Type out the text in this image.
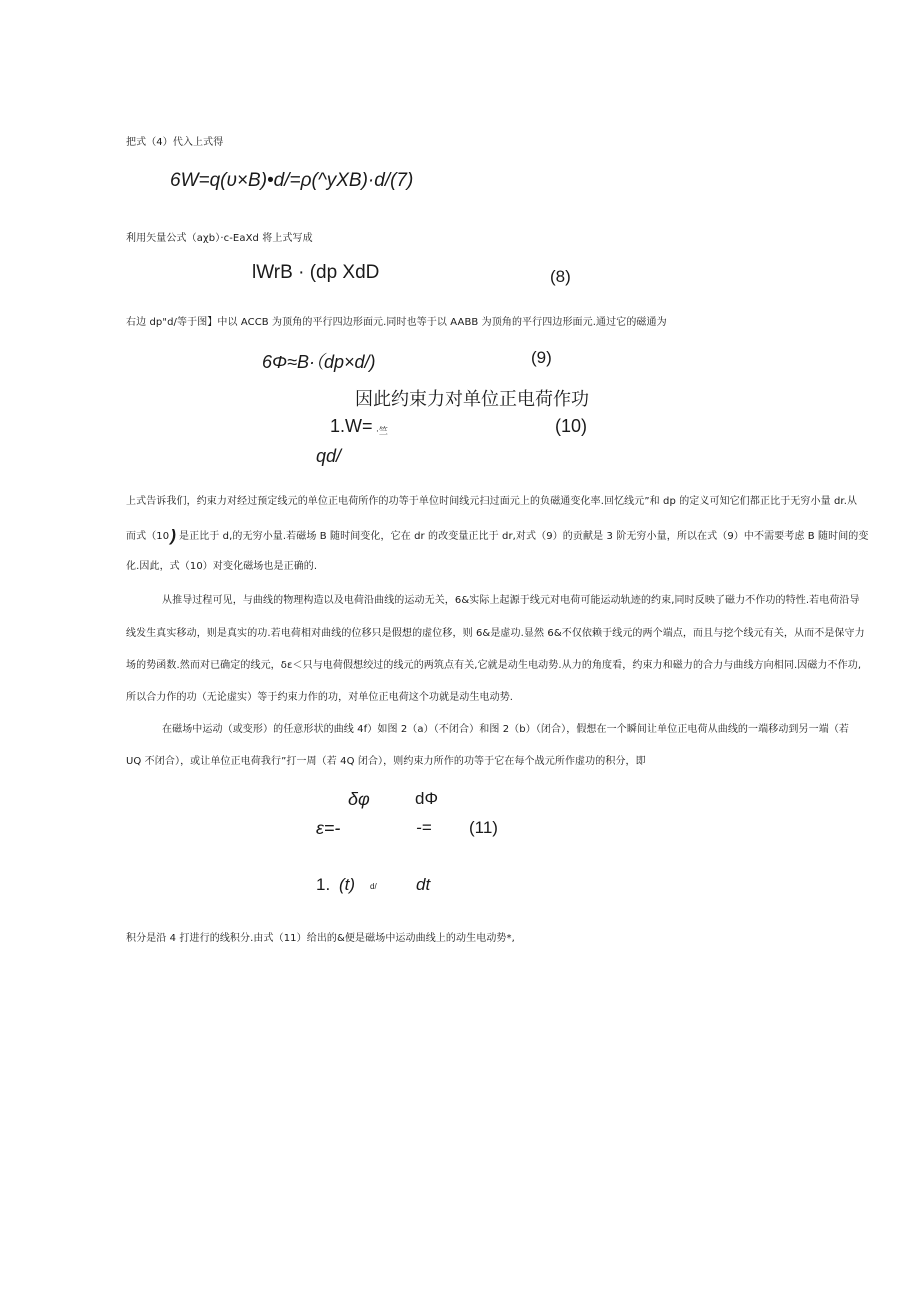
把式（4）代入上式得
6W=q(υ×B)•d/=ρ(^yXB)·d/(7)
利用矢量公式（aχb）·c-EaXd 将上式写成
lWrB · (dp XdD	(8)
右边 dp"d/等于图】中以 ACCB 为顶角的平行四边形面元.同时也等于以 AABB 为顶角的平行四边形面元.通过它的磁通为
6Φ≈B·（dp×d/)	(9)
因此约束力对单位正电荷作功
1.W= ·竺	(10)
qd/
上式告诉我们，约束力对经过预定线元的单位正电荷所作的功等于单位时间线元扫过面元上的负磁通变化率.回忆线元”和 dp 的定义可知它们都正比于无穷小量 dr.从
而式（10) 是正比于 d,的无穷小量.若磁场 B 随时间变化，它在 dr 的改变量正比于 dr,对式（9）的贡献是 3 阶无穷小量，所以在式（9）中不需要考虑 B 随时间的变
化.因此，式（10）对变化磁场也是正确的.
从推导过程可见，与曲线的物理构造以及电荷沿曲线的运动无关，6&实际上起源于线元对电荷可能运动轨迹的约束,同时反映了磁力不作功的特性.若电荷沿导
线发生真实移动，则是真实的功.若电荷相对曲线的位移只是假想的虚位移，则 6&是虚功.显然 6&不仅依赖于线元的两个端点，而且与挖个线元有关，从而不是保守力
场的势函数.然而对已确定的线元，δε＜只与电荷假想绞过的线元的两筑点有关,它就是动生电动势.从力的角度看，约束力和磁力的合力与曲线方向相同.因磁力不作功,
所以合力作的功（无论虚实）等于约束力作的功，对单位正电荷这个功就是动生电动势.
在磁场中运动（或变形）的任意形状的曲线 4f）如图 2（a）（不闭合）和图 2（b）（闭合），假想在一个瞬间让单位正电荷从曲线的一端移动到另一端（若
UQ 不闭合），或让单位正电荷我行”打一周（若 4Q 闭合），则约束力所作的功等于它在每个战元所作虚功的积分，即
δφ	dΦ
ε=-	-= (11)
1. (t) d/ dt
积分是沿 4 打进行的线积分.由式（11）给出的&便是磁场中运动曲线上的动生电动势*,
